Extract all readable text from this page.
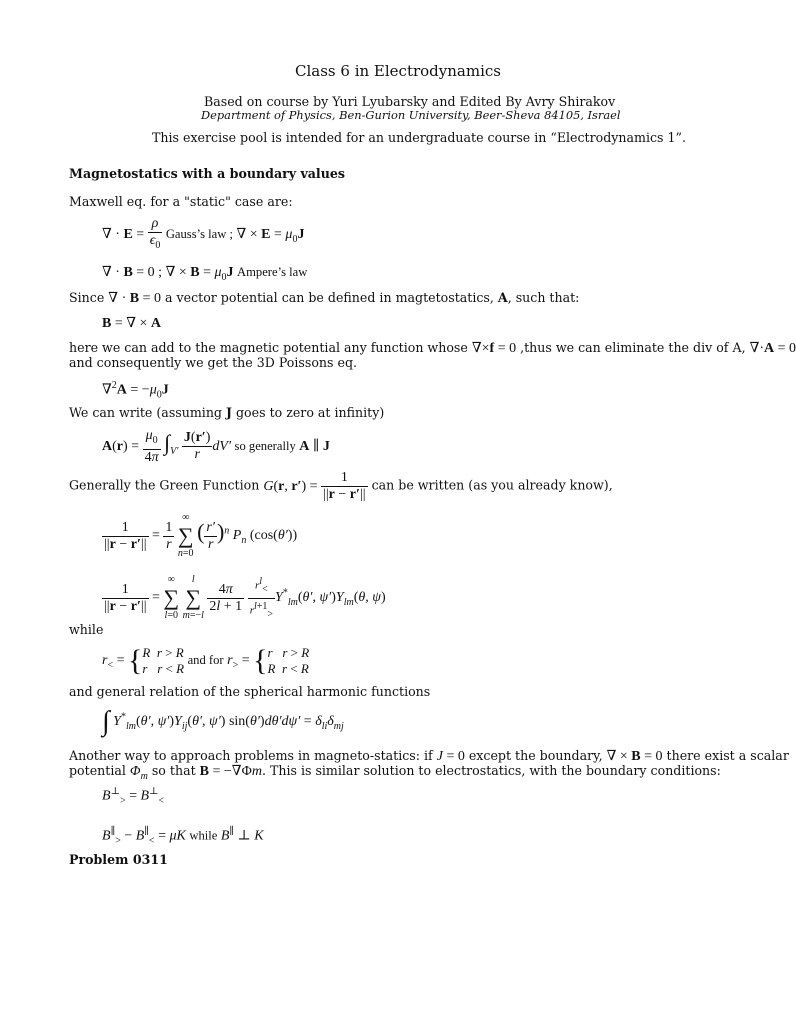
Class 6 in Electrodynamics
Based on course by Yuri Lyubarsky and Edited By Avry Shirakov
Department of Physics, Ben-Gurion University, Beer-Sheva 84105, Israel
This exercise pool is intended for an undergraduate course in “Electrodynamics 1”.
Magnetostatics with a boundary values
Maxwell eq. for a "static" case are:
∇ · $E = \frac{\rho}{\epsilon_0}$ Gauss’s law ; ∇ × $E = \mu_0J$
∇ · B = 0 ; ∇ × $B = \mu_0J$ Ampere’s law
Since ∇ · B = 0 a vector potential can be defined in magtetostatics, A, such that:
B = ∇ × A
here we can add to the magnetic potential any function whose ∇×f = 0 ,thus we can eliminate the div of A, ∇·A = 0
and consequently we get the 3D Poissons eq.
$\nabla^2A = -\mu_0J$
We can write (assuming J goes to zero at infinity)
$A(r) = \frac{\mu_0}{4\pi} \int_{V'} \frac{J(r')}{r} dV'$ so generally A ∥ J
Generally the Green Function G(r, $r') = \frac{1}{||r - r'||}$ can be written (as you already know),
$\frac{1}{||r - r'||} = \frac{1}{r}$

∞
∑
n=0
( $\frac{r'}{r} )^n$ $P_n$ (cos(θ′))
$\frac{1}{||r - r'||}$ =
∞
∑
l=0

l
∑
m=−l

$\frac{4\pi}{2l + 1}$
$\frac{r^l_<}{r^{l+1}_>} Y^*_{lm}(\theta'$, $\psi')Y_{lm}(\theta$, ψ)
while
$r_<$ = { R r > R
r r < R
and for $r_>$ = { r r > R
R r < R
and general relation of the spherical harmonic functions
∫ $Y^*_{lm}(\theta'$, $\psi')Y_{ij}(\theta'$, ψ′) $\sin(\theta')d\theta'd\psi' = \delta_{li}\delta_{mj}$
Another way to approach problems in magneto-statics: if J = 0 except the boundary, ∇ × B = 0 there exist a scalar
potential $\Phi_m$ so that B = −∇Φm. This is similar solution to electrostatics, with the boundary conditions:
$B^\perp_> = B^\perp_<$
$B^\parallel_> - B^\parallel_< = \mu K$ while B∥ ⊥ K
Problem 0311
